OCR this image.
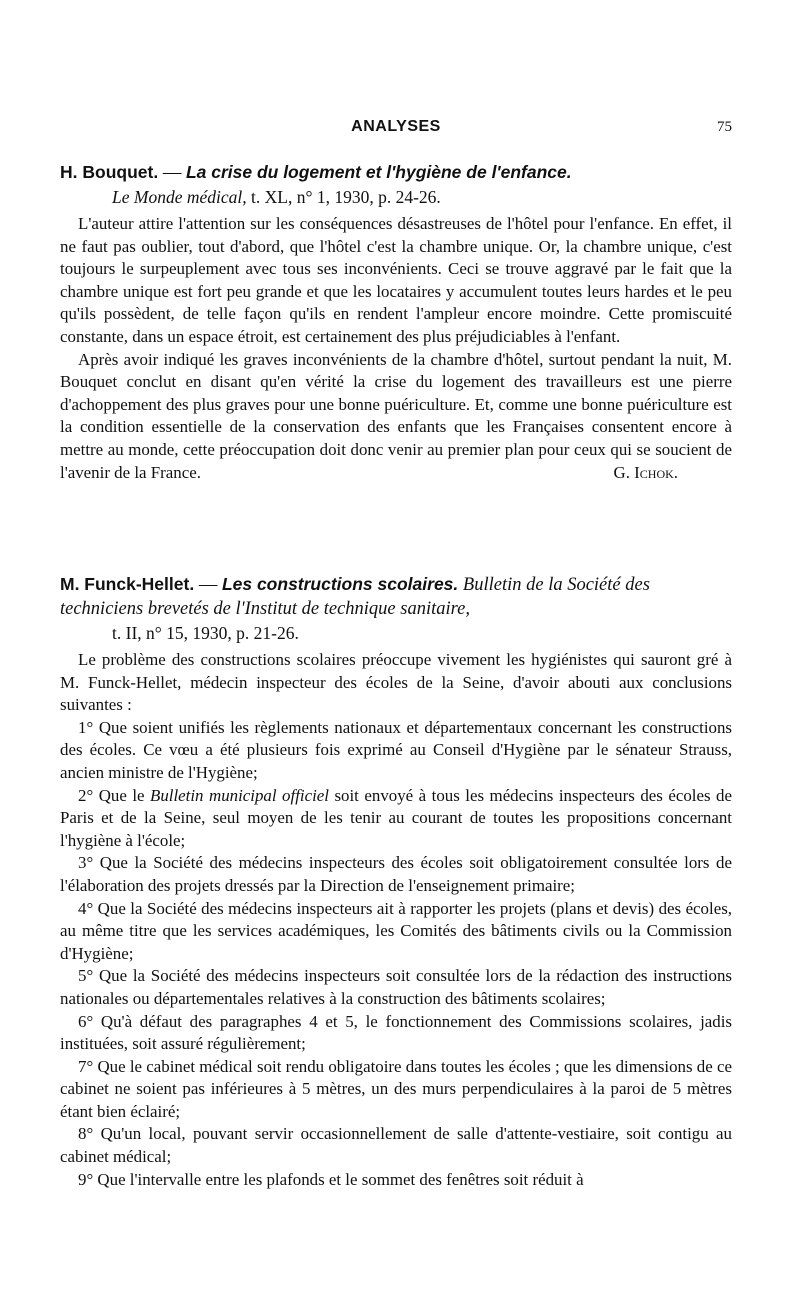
ANALYSES	75

H. Bouquet. — La crise du logement et l'hygiène de l'enfance.

Le Monde médical, t. XL, n° 1, 1930, p. 24-26.

L'auteur attire l'attention sur les conséquences désastreuses de l'hôtel pour l'enfance. En effet, il ne faut pas oublier, tout d'abord, que l'hôtel c'est la chambre unique. Or, la chambre unique, c'est toujours le surpeuplement avec tous ses inconvénients. Ceci se trouve aggravé par le fait que la chambre unique est fort peu grande et que les locataires y accumulent toutes leurs hardes et le peu qu'ils possèdent, de telle façon qu'ils en rendent l'ampleur encore moindre. Cette promiscuité constante, dans un espace étroit, est certainement des plus préjudiciables à l'enfant.

Après avoir indiqué les graves inconvénients de la chambre d'hôtel, surtout pendant la nuit, M. Bouquet conclut en disant qu'en vérité la crise du logement des travailleurs est une pierre d'achoppement des plus graves pour une bonne puériculture. Et, comme une bonne puériculture est la condition essentielle de la conservation des enfants que les Françaises consentent encore à mettre au monde, cette préoccupation doit donc venir au premier plan pour ceux qui se soucient de l'avenir de la France.	G. Ichok.

M. Funck-Hellet. — Les constructions scolaires. Bulletin de la Société des techniciens brevetés de l'Institut de technique sanitaire,

t. II, n° 15, 1930, p. 21-26.

Le problème des constructions scolaires préoccupe vivement les hygiénistes qui sauront gré à M. Funck-Hellet, médecin inspecteur des écoles de la Seine, d'avoir abouti aux conclusions suivantes :

1° Que soient unifiés les règlements nationaux et départementaux concernant les constructions des écoles. Ce vœu a été plusieurs fois exprimé au Conseil d'Hygiène par le sénateur Strauss, ancien ministre de l'Hygiène;

2° Que le Bulletin municipal officiel soit envoyé à tous les médecins inspecteurs des écoles de Paris et de la Seine, seul moyen de les tenir au courant de toutes les propositions concernant l'hygiène à l'école;

3° Que la Société des médecins inspecteurs des écoles soit obligatoirement consultée lors de l'élaboration des projets dressés par la Direction de l'enseignement primaire;

4° Que la Société des médecins inspecteurs ait à rapporter les projets (plans et devis) des écoles, au même titre que les services académiques, les Comités des bâtiments civils ou la Commission d'Hygiène;

5° Que la Société des médecins inspecteurs soit consultée lors de la rédaction des instructions nationales ou départementales relatives à la construction des bâtiments scolaires;

6° Qu'à défaut des paragraphes 4 et 5, le fonctionnement des Commissions scolaires, jadis instituées, soit assuré régulièrement;

7° Que le cabinet médical soit rendu obligatoire dans toutes les écoles ; que les dimensions de ce cabinet ne soient pas inférieures à 5 mètres, un des murs perpendiculaires à la paroi de 5 mètres étant bien éclairé;

8° Qu'un local, pouvant servir occasionnellement de salle d'attente-vestiaire, soit contigu au cabinet médical;

9° Que l'intervalle entre les plafonds et le sommet des fenêtres soit réduit à
